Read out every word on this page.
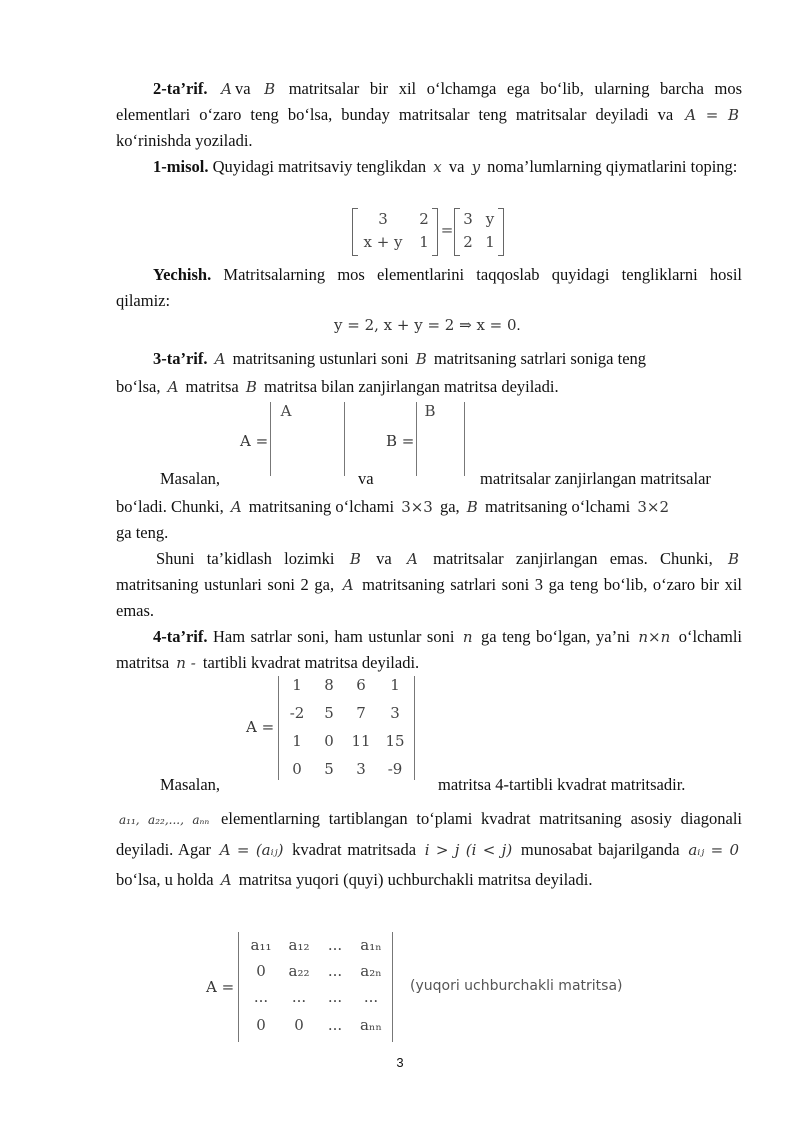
2-ta’rif. A va B matritsalar bir xil o‘lchamga ega bo‘lib, ularning barcha mos elementlari o‘zaro teng bo‘lsa, bunday matritsalar teng matritsalar deyiladi va A = B ko‘rinishda yoziladi.
1-misol. Quyidagi matritsaviy tenglikdan x va y noma’lumlarning qiymatlarini toping:
3	2
x + y	1
=
3 y
2 1
Yechish. Matritsalarning mos elementlarini taqqoslab quyidagi tengliklarni hosil qilamiz:
y = 2, x + y = 2 ⇒ x = 0.
3-ta’rif. A matritsaning ustunlari soni B matritsaning satrlari soniga teng
bo‘lsa, A matritsa B matritsa bilan zanjirlangan matritsa deyiladi.
A =
A
B =
B
Masalan,	va	matritsalar zanjirlangan matritsalar
bo‘ladi. Chunki, A matritsaning o‘lchami 3×3 ga, B matritsaning o‘lchami 3×2
ga teng.
Shuni ta’kidlash lozimki B va A matritsalar zanjirlangan emas. Chunki, B matritsaning ustunlari soni 2 ga, A matritsaning satrlari soni 3 ga teng bo‘lib, o‘zaro bir xil emas.
4-ta’rif. Ham satrlar soni, ham ustunlar soni n ga teng bo‘lgan, ya’ni n×n o‘lchamli matritsa n - tartibli kvadrat matritsa deyiladi.
A =
1	8	6	1
-2	5	7	3
1	0	11 15
0	5	3	-9
Masalan,	matritsa 4-tartibli kvadrat matritsadir.
a₁₁, a₂₂,..., aₙₙ elementlarning tartiblangan to‘plami kvadrat matritsaning asosiy diagonali deyiladi. Agar A = (aᵢⱼ) kvadrat matritsada i > j (i < j) munosabat bajarilganda aᵢⱼ = 0 bo‘lsa, u holda A matritsa yuqori (quyi) uchburchakli matritsa deyiladi.
A =
a₁₁	a₁₂	...	a₁ₙ
0	a₂₂	...	a₂ₙ
...	...	...	...
0	0	...	aₙₙ
(yuqori uchburchakli matritsa)
3
